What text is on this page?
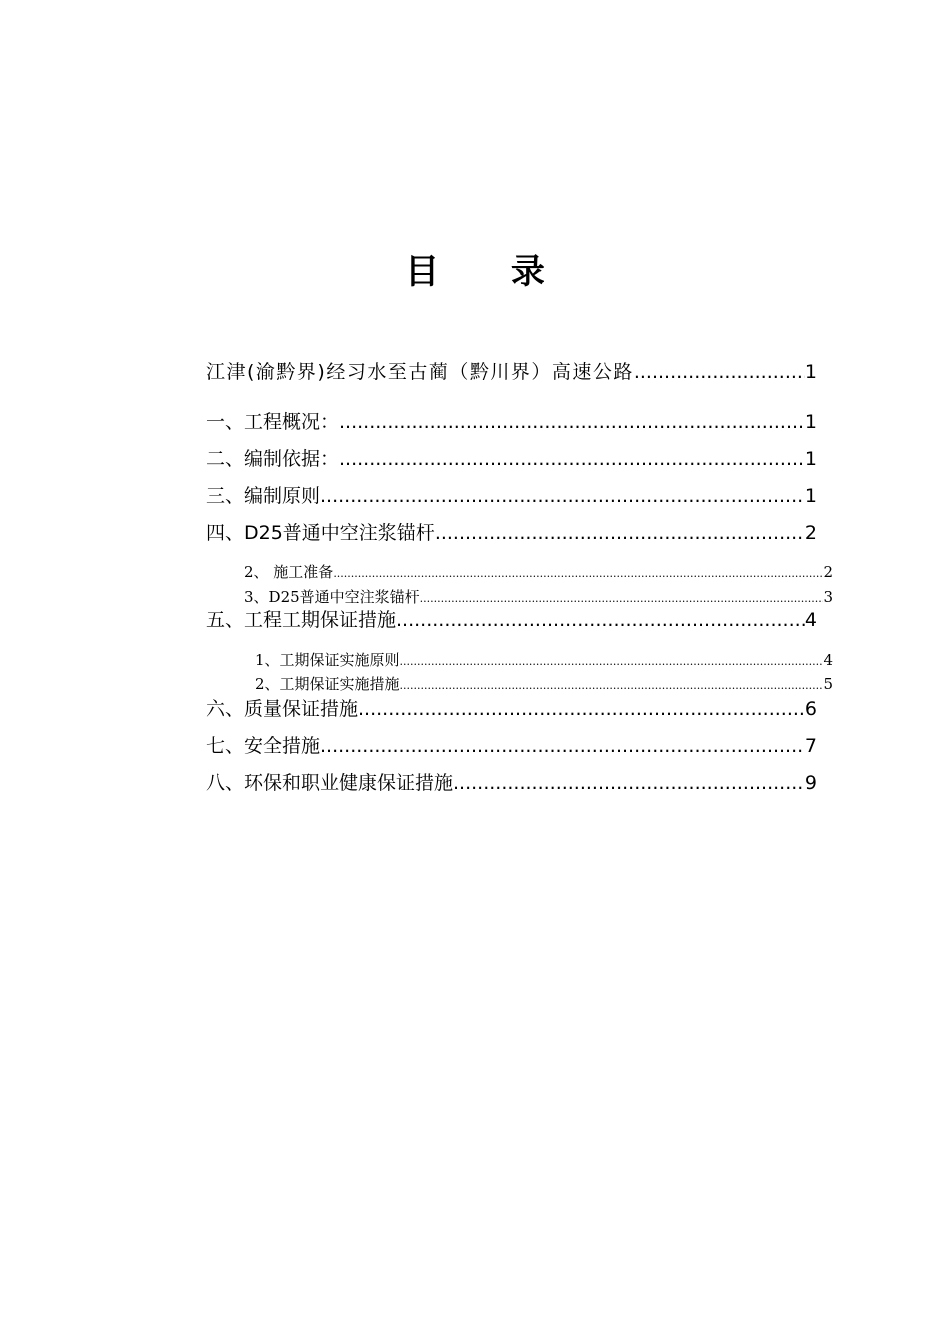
目 录
江津(渝黔界)经习水至古蔺（黔川界）高速公路 .....	1
一、工程概况： .....	1
二、编制依据： .....	1
三、编制原则 .....	1
四、D25普通中空注浆锚杆 .....	2
2、 施工准备 .....	2
3、D25普通中空注浆锚杆 .....	3
五、工程工期保证措施 .....	4
1、工期保证实施原则 .....	4
2、工期保证实施措施 .....	5
六、质量保证措施 .....	6
七、安全措施 .....	7
八、环保和职业健康保证措施 .....	9
